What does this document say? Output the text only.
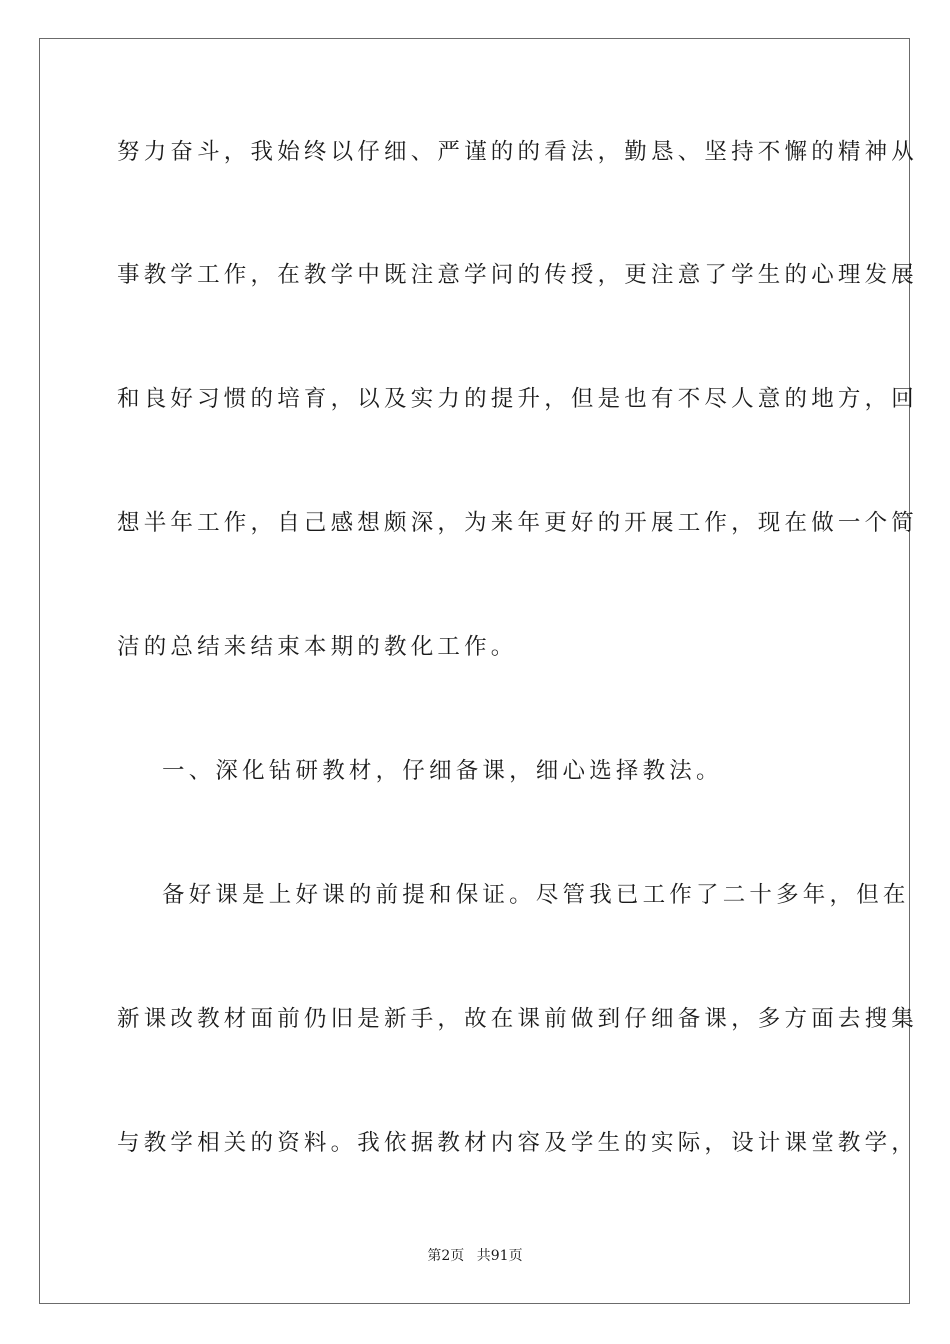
努力奋斗，我始终以仔细、严谨的的看法，勤恳、坚持不懈的精神从
事教学工作，在教学中既注意学问的传授，更注意了学生的心理发展
和良好习惯的培育，以及实力的提升，但是也有不尽人意的地方，回
想半年工作，自己感想颇深，为来年更好的开展工作，现在做一个简
洁的总结来结束本期的教化工作。
一、深化钻研教材，仔细备课，细心选择教法。
备好课是上好课的前提和保证。尽管我已工作了二十多年，但在
新课改教材面前仍旧是新手，故在课前做到仔细备课，多方面去搜集
与教学相关的资料。我依据教材内容及学生的实际，设计课堂教学，
第2页 共91页
